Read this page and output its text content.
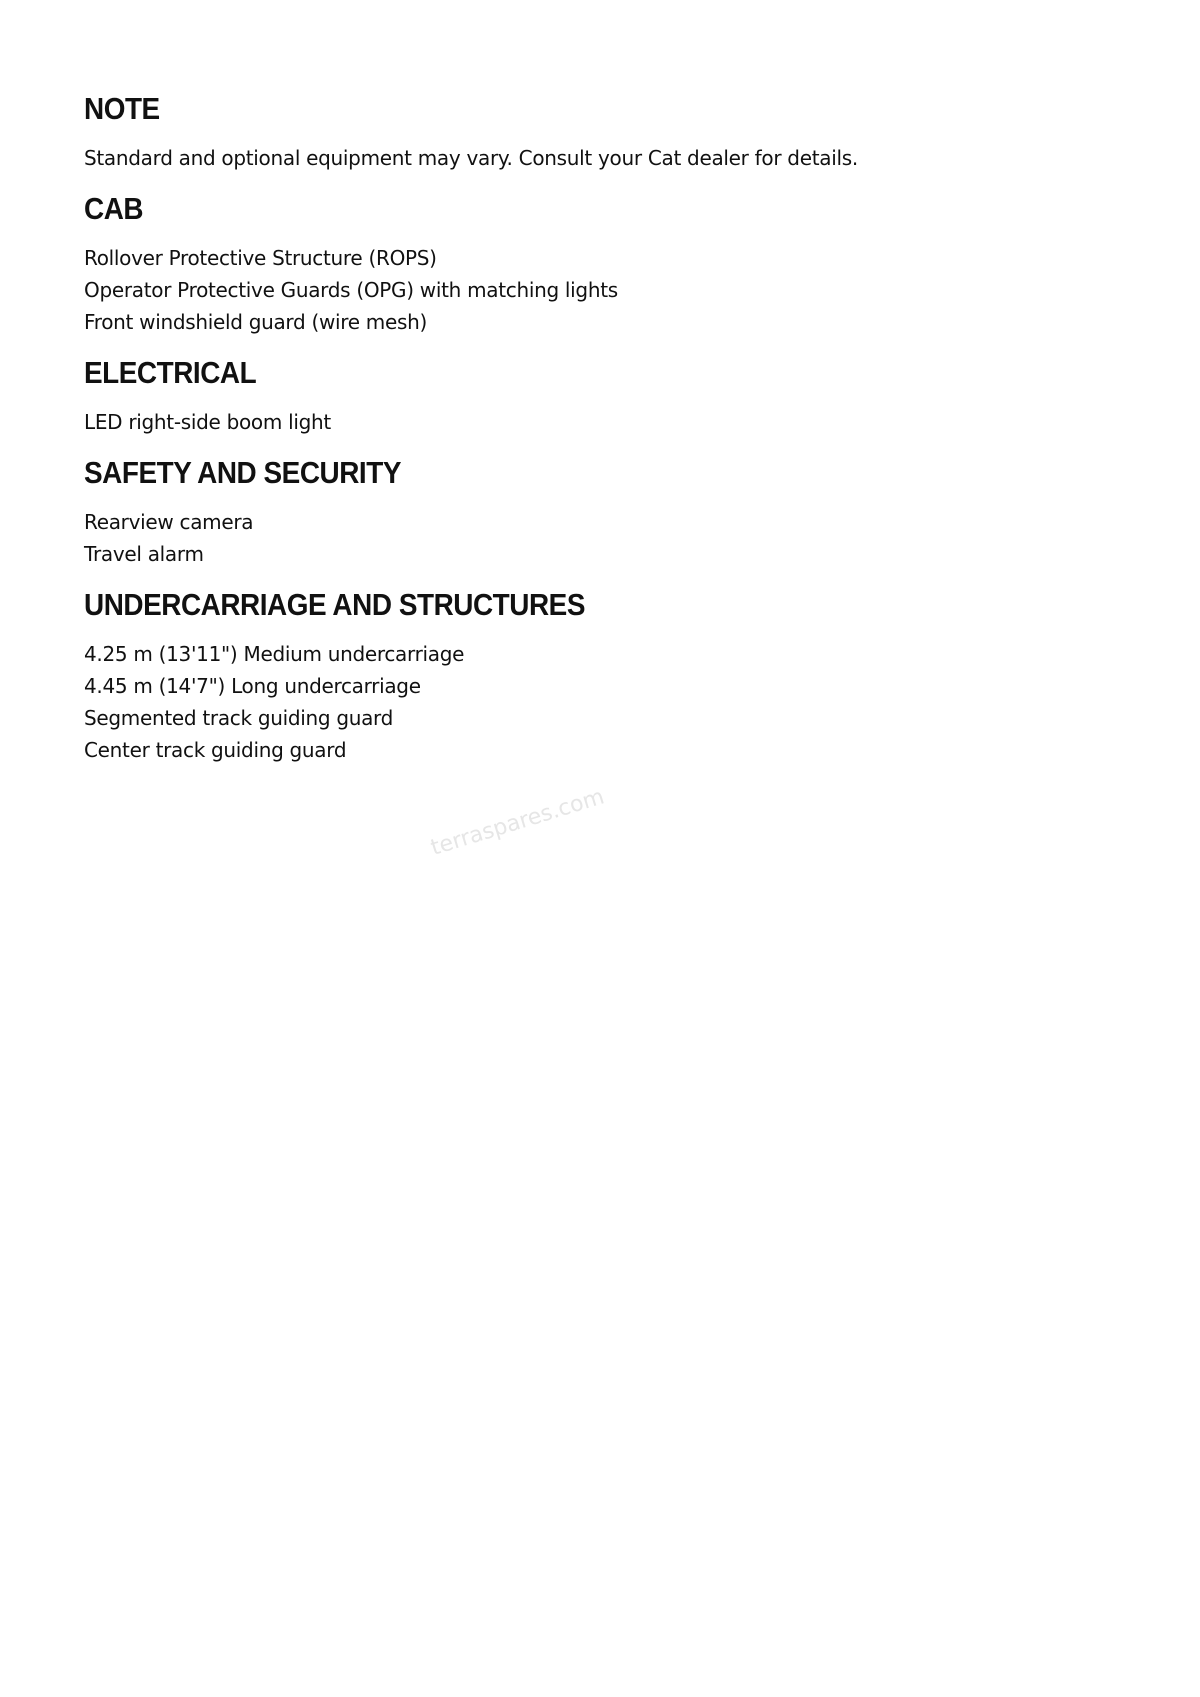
NOTE
Standard and optional equipment may vary. Consult your Cat dealer for details.
CAB
Rollover Protective Structure (ROPS)
Operator Protective Guards (OPG) with matching lights
Front windshield guard (wire mesh)
ELECTRICAL
LED right-side boom light
SAFETY AND SECURITY
Rearview camera
Travel alarm
UNDERCARRIAGE AND STRUCTURES
4.25 m (13'11") Medium undercarriage
4.45 m (14'7") Long undercarriage
Segmented track guiding guard
Center track guiding guard
terraspares.com
